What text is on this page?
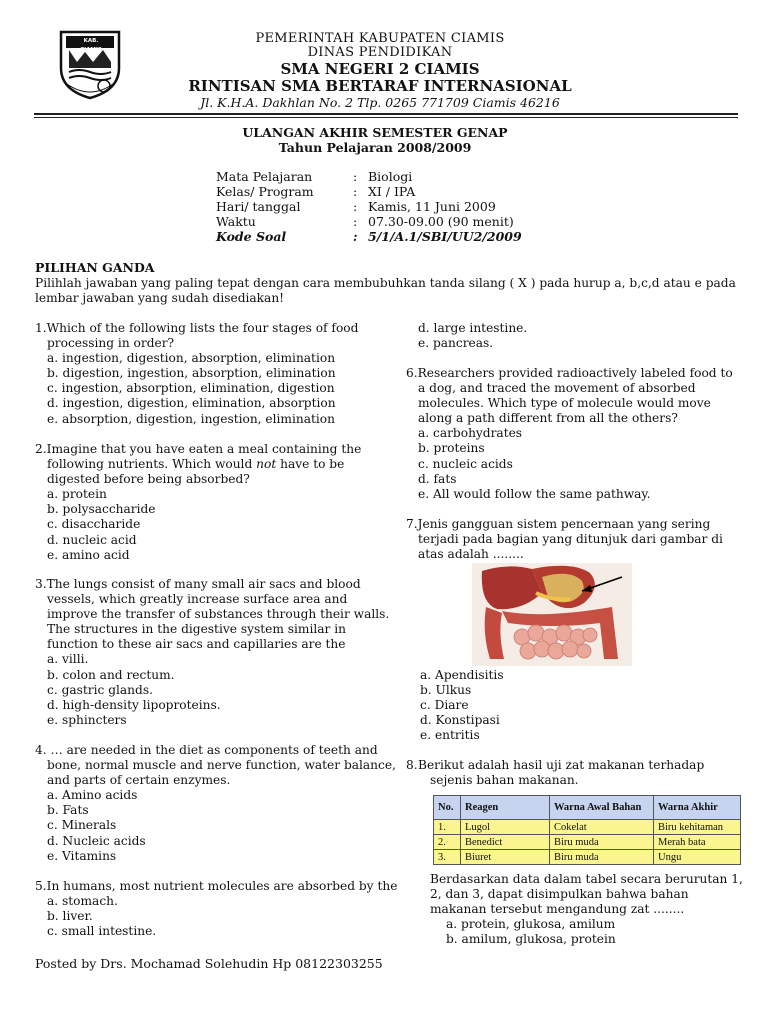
KAB. CIAMIS
PEMERINTAH KABUPATEN CIAMIS
DINAS PENDIDIKAN
SMA NEGERI 2 CIAMIS
RINTISAN SMA BERTARAF INTERNASIONAL
Jl. K.H.A. Dakhlan No. 2 Tlp. 0265 771709 Ciamis 46216
ULANGAN AKHIR SEMESTER GENAP
Tahun Pelajaran 2008/2009
Mata Pelajaran	: Biologi
Kelas/ Program	: XI / IPA
Hari/ tanggal	: Kamis, 11 Juni 2009
Waktu	: 07.30-09.00 (90 menit)
Kode Soal	: 5/1/A.1/SBI/UU2/2009
PILIHAN GANDA
Pilihlah jawaban yang paling tepat dengan cara membubuhkan tanda silang ( X ) pada hurup a, b,c,d atau e pada
lembar jawaban yang sudah disediakan!
1.Which of the following lists the four stages of food
processing in order?
a. ingestion, digestion, absorption, elimination
b. digestion, ingestion, absorption, elimination
c. ingestion, absorption, elimination, digestion
d. ingestion, digestion, elimination, absorption
e. absorption, digestion, ingestion, elimination
2.Imagine that you have eaten a meal containing the
following nutrients. Which would not have to be
digested before being absorbed?
a. protein
b. polysaccharide
c. disaccharide
d. nucleic acid
e. amino acid
3.The lungs consist of many small air sacs and blood
vessels, which greatly increase surface area and
improve the transfer of substances through their walls.
The structures in the digestive system similar in
function to these air sacs and capillaries are the
a. villi.
b. colon and rectum.
c. gastric glands.
d. high-density lipoproteins.
e. sphincters
4. … are needed in the diet as components of teeth and
bone, normal muscle and nerve function, water balance,
and parts of certain enzymes.
a. Amino acids
b. Fats
c. Minerals
d. Nucleic acids
e. Vitamins
5.In humans, most nutrient molecules are absorbed by the
a. stomach.
b. liver.
c. small intestine.
d. large intestine.
e. pancreas.
6.Researchers provided radioactively labeled food to
a dog, and traced the movement of absorbed
molecules. Which type of molecule would move
along a path different from all the others?
a. carbohydrates
b. proteins
c. nucleic acids
d. fats
e. All would follow the same pathway.
7.Jenis gangguan sistem pencernaan yang sering
terjadi pada bagian yang ditunjuk dari gambar di
atas adalah ........
a. Apendisitis
b. Ulkus
c. Diare
d. Konstipasi
e. entritis
8. Berikut adalah hasil uji zat makanan terhadap
sejenis bahan makanan.
No.	Reagen	Warna Awal Bahan	Warna Akhir
1.	Lugol	Cokelat	Biru kehitaman
2.	Benedict	Biru muda	Merah bata
3.	Biuret	Biru muda	Ungu
Berdasarkan data dalam tabel secara berurutan 1,
2, dan 3, dapat disimpulkan bahwa bahan
makanan tersebut mengandung zat ........
a. protein, glukosa, amilum
b. amilum, glukosa, protein
Posted by Drs. Mochamad Solehudin Hp 08122303255
